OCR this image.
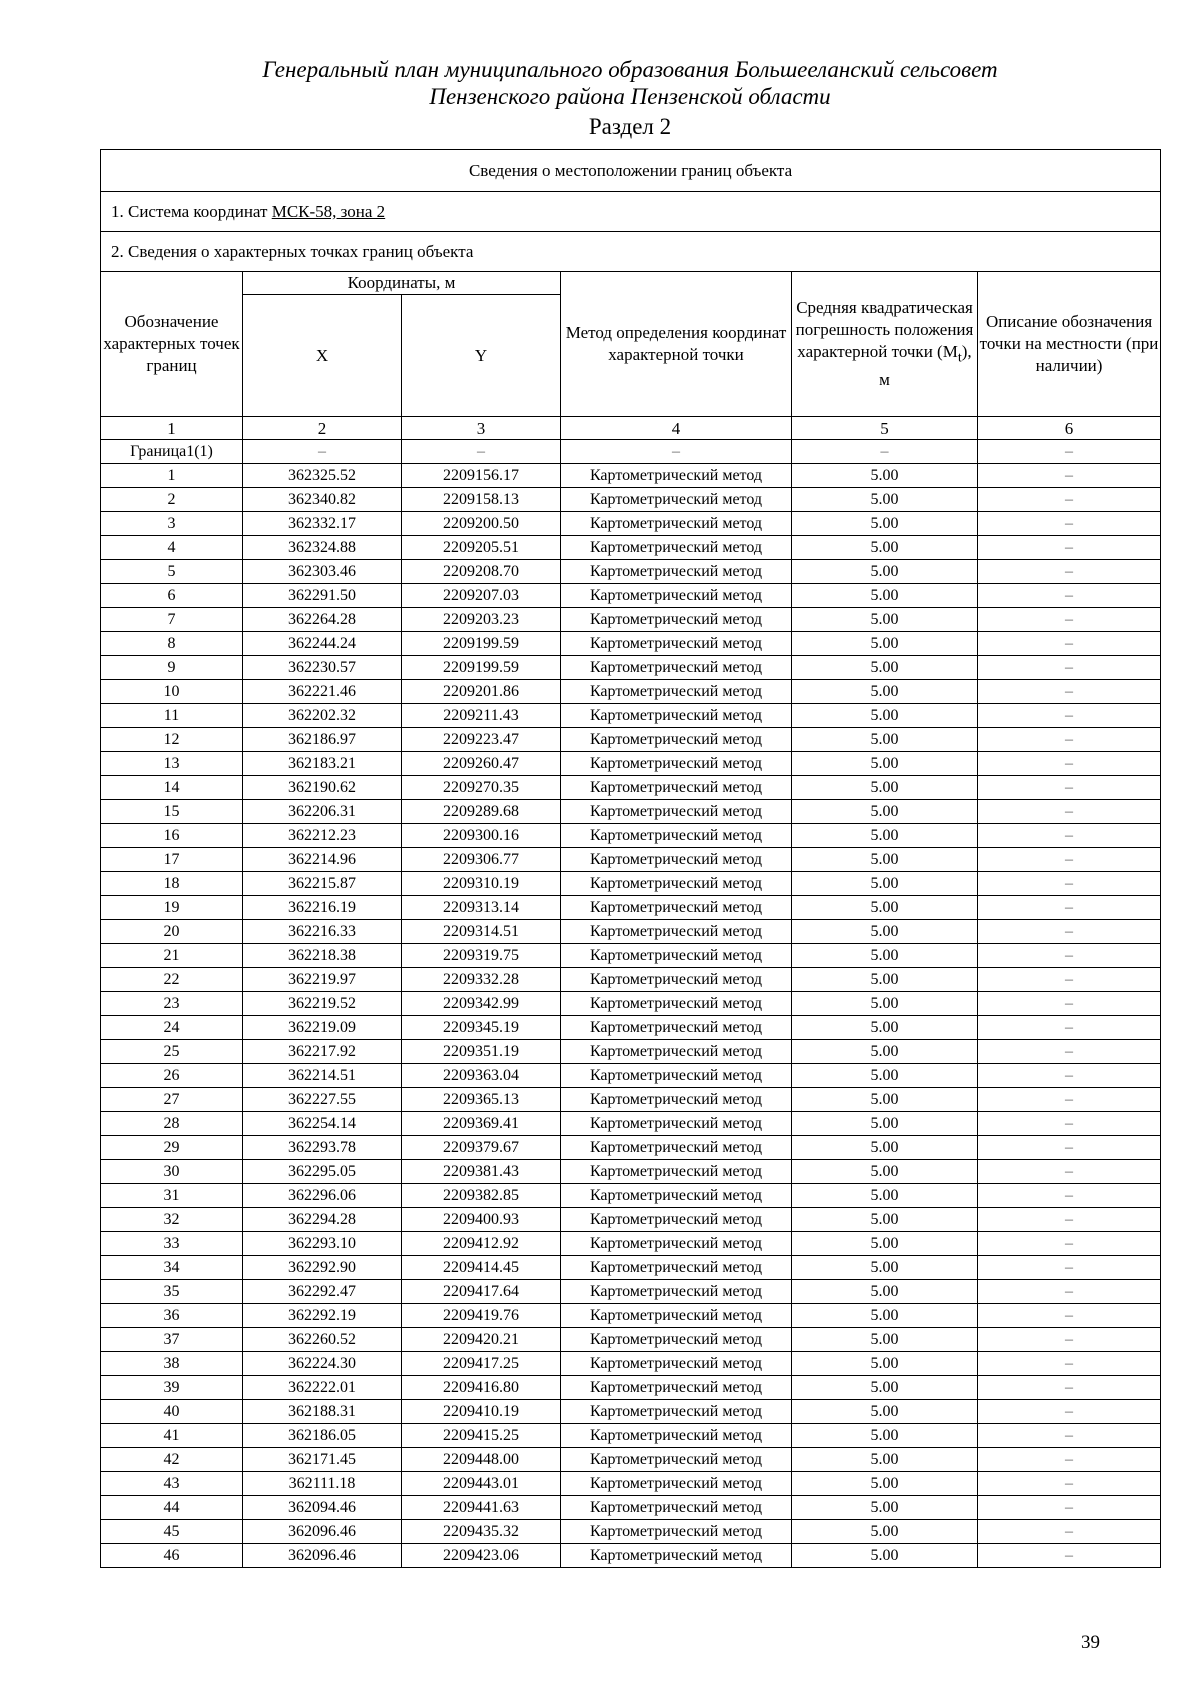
Генеральный план муниципального образования Большееланский сельсовет
Пензенского района Пензенской области
Раздел 2
Сведения о местоположении границ объекта					
1. Система координат МСК-58, зона 2					
2. Сведения о характерных точках границ объекта					
Обозначение характерных точек границ	Координаты, м		Метод определения координат характерной точки	Средняя квадратическая погрешность положения характерной точки $(M_t)$, м	Описание обозначения точки на местности (при наличии)
	X	Y			
1	2	3	4	5	6
Граница1(1)	–	–	–	–	–
1	362325.52	2209156.17	Картометрический метод	5.00	–
2	362340.82	2209158.13	Картометрический метод	5.00	–
3	362332.17	2209200.50	Картометрический метод	5.00	–
4	362324.88	2209205.51	Картометрический метод	5.00	–
5	362303.46	2209208.70	Картометрический метод	5.00	–
6	362291.50	2209207.03	Картометрический метод	5.00	–
7	362264.28	2209203.23	Картометрический метод	5.00	–
8	362244.24	2209199.59	Картометрический метод	5.00	–
9	362230.57	2209199.59	Картометрический метод	5.00	–
10	362221.46	2209201.86	Картометрический метод	5.00	–
11	362202.32	2209211.43	Картометрический метод	5.00	–
12	362186.97	2209223.47	Картометрический метод	5.00	–
13	362183.21	2209260.47	Картометрический метод	5.00	–
14	362190.62	2209270.35	Картометрический метод	5.00	–
15	362206.31	2209289.68	Картометрический метод	5.00	–
16	362212.23	2209300.16	Картометрический метод	5.00	–
17	362214.96	2209306.77	Картометрический метод	5.00	–
18	362215.87	2209310.19	Картометрический метод	5.00	–
19	362216.19	2209313.14	Картометрический метод	5.00	–
20	362216.33	2209314.51	Картометрический метод	5.00	–
21	362218.38	2209319.75	Картометрический метод	5.00	–
22	362219.97	2209332.28	Картометрический метод	5.00	–
23	362219.52	2209342.99	Картометрический метод	5.00	–
24	362219.09	2209345.19	Картометрический метод	5.00	–
25	362217.92	2209351.19	Картометрический метод	5.00	–
26	362214.51	2209363.04	Картометрический метод	5.00	–
27	362227.55	2209365.13	Картометрический метод	5.00	–
28	362254.14	2209369.41	Картометрический метод	5.00	–
29	362293.78	2209379.67	Картометрический метод	5.00	–
30	362295.05	2209381.43	Картометрический метод	5.00	–
31	362296.06	2209382.85	Картометрический метод	5.00	–
32	362294.28	2209400.93	Картометрический метод	5.00	–
33	362293.10	2209412.92	Картометрический метод	5.00	–
34	362292.90	2209414.45	Картометрический метод	5.00	–
35	362292.47	2209417.64	Картометрический метод	5.00	–
36	362292.19	2209419.76	Картометрический метод	5.00	–
37	362260.52	2209420.21	Картометрический метод	5.00	–
38	362224.30	2209417.25	Картометрический метод	5.00	–
39	362222.01	2209416.80	Картометрический метод	5.00	–
40	362188.31	2209410.19	Картометрический метод	5.00	–
41	362186.05	2209415.25	Картометрический метод	5.00	–
42	362171.45	2209448.00	Картометрический метод	5.00	–
43	362111.18	2209443.01	Картометрический метод	5.00	–
44	362094.46	2209441.63	Картометрический метод	5.00	–
45	362096.46	2209435.32	Картометрический метод	5.00	–
46	362096.46	2209423.06	Картометрический метод	5.00	–
39
